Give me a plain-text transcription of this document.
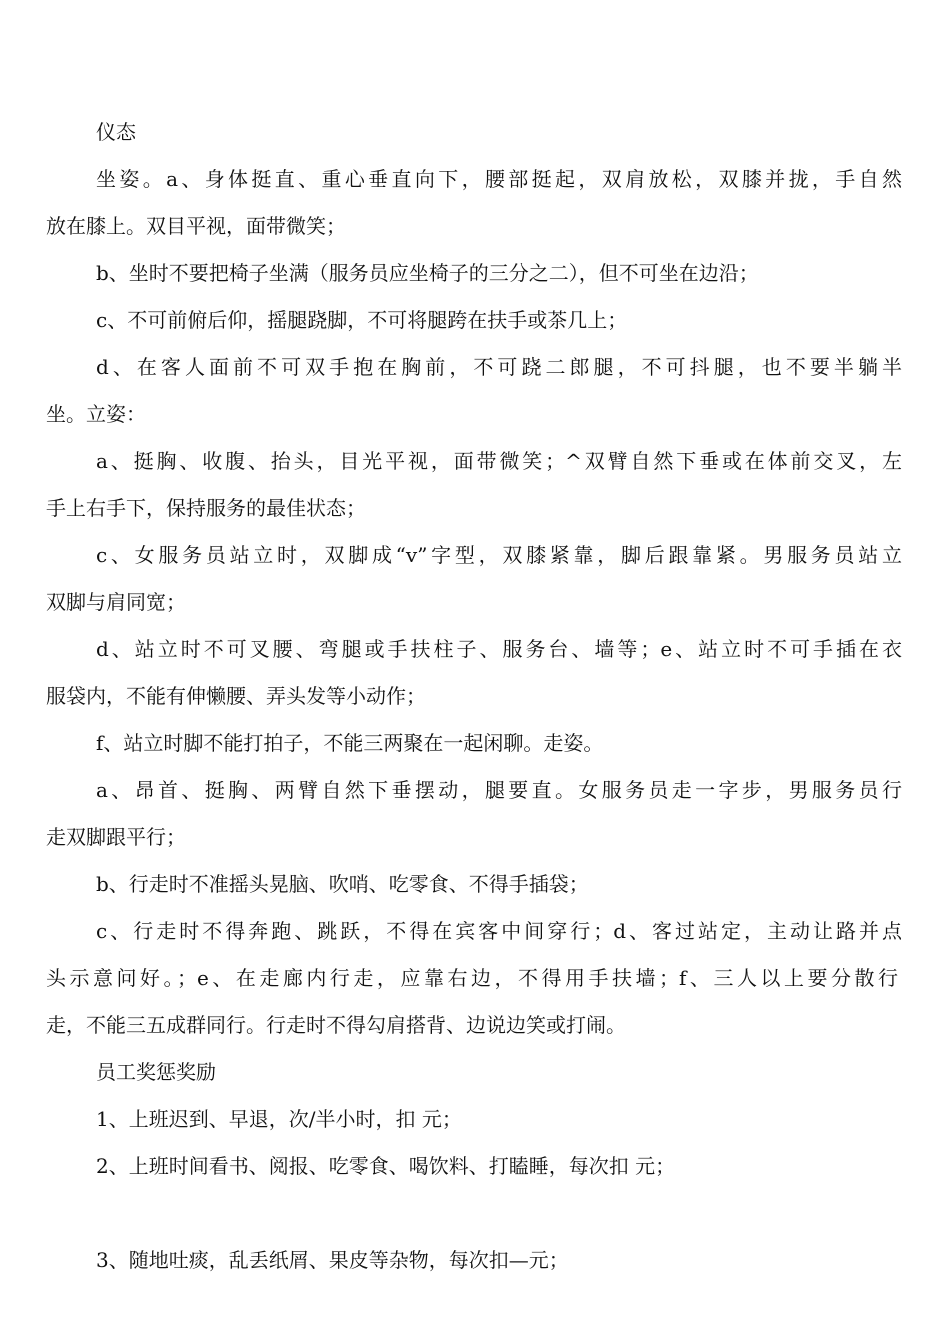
仪态
坐姿。a、身体挺直、重心垂直向下，腰部挺起，双肩放松，双膝并拢，手自然
放在膝上。双目平视，面带微笑；
b、坐时不要把椅子坐满（服务员应坐椅子的三分之二），但不可坐在边沿；
c、不可前俯后仰，摇腿跷脚，不可将腿跨在扶手或茶几上；
d、在客人面前不可双手抱在胸前，不可跷二郎腿，不可抖腿，也不要半躺半
坐。立姿：
a、挺胸、收腹、抬头，目光平视，面带微笑；^双臂自然下垂或在体前交叉，左
手上右手下，保持服务的最佳状态；
c、女服务员站立时，双脚成“v”字型，双膝紧靠，脚后跟靠紧。男服务员站立
双脚与肩同宽；
d、站立时不可叉腰、弯腿或手扶柱子、服务台、墙等；e、站立时不可手插在衣
服袋内，不能有伸懒腰、弄头发等小动作；
f、站立时脚不能打拍子，不能三两聚在一起闲聊。走姿。
a、昂首、挺胸、两臂自然下垂摆动，腿要直。女服务员走一字步，男服务员行
走双脚跟平行；
b、行走时不准摇头晃脑、吹哨、吃零食、不得手插袋；
c、行走时不得奔跑、跳跃，不得在宾客中间穿行；d、客过站定，主动让路并点
头示意问好。；e、在走廊内行走，应靠右边，不得用手扶墙；f、三人以上要分散行
走，不能三五成群同行。行走时不得勾肩搭背、边说边笑或打闹。
员工奖惩奖励
1、上班迟到、早退，次/半小时，扣 元；
2、上班时间看书、阅报、吃零食、喝饮料、打瞌睡，每次扣 元；
3、随地吐痰，乱丢纸屑、果皮等杂物，每次扣—元；
